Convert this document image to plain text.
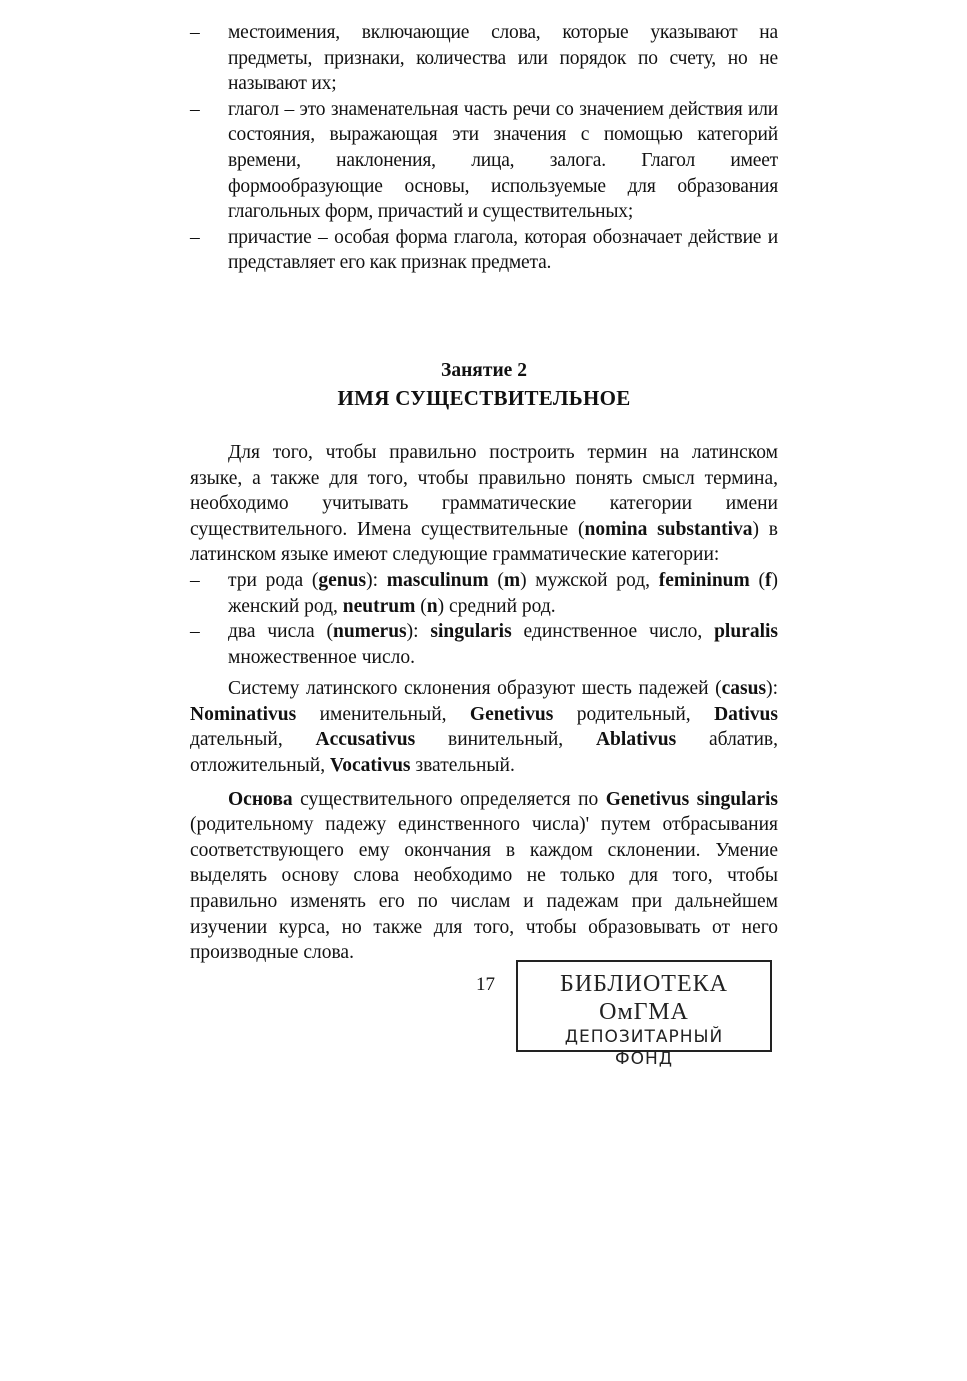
– местоимения, включающие слова, которые указывают на предметы, признаки, количества или порядок по счету, но не называют их;
– глагол – это знаменательная часть речи со значением действия или состояния, выражающая эти значения с помощью категорий времени, наклонения, лица, залога. Глагол имеет формообразующие основы, используемые для образования глагольных форм, причастий и существительных;
– причастие – особая форма глагола, которая обозначает действие и представляет его как признак предмета.
Занятие 2
ИМЯ СУЩЕСТВИТЕЛЬНОЕ

Для того, чтобы правильно построить термин на латинском языке, а также для того, чтобы правильно понять смысл термина, необходимо учитывать грамматические категории имени существительного. Имена существительные (nomina substantiva) в латинском языке имеют следующие грамматические категории:

– три рода (genus): masculinum (m) мужской род, femininum (f) женский род, neutrum (n) средний род.
– два числа (numerus): singularis единственное число, pluralis множественное число.

Систему латинского склонения образуют шесть падежей (casus): Nominativus именительный, Genetivus родительный, Dativus дательный, Accusativus винительный, Ablativus аблатив, отложительный, Vocativus звательный.

Основа существительного определяется по Genetivus singularis (родительному падежу единственного числа)' путем отбрасывания соответствующего ему окончания в каждом склонении. Умение выделять основу слова необходимо не только для того, чтобы правильно изменять его по числам и падежам при дальнейшем изучении курса, но также для того, чтобы образовывать от него производные слова.

17	БИБЛИОТЕКА ОмГМА
ДЕПОЗИТАРНЫЙ
ФОНД
